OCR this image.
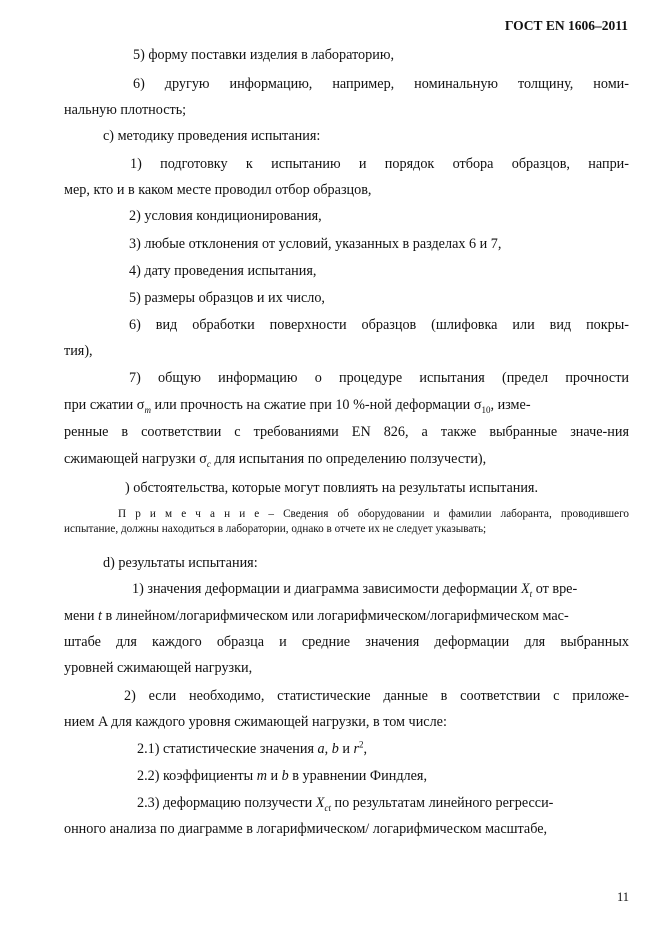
ГОСТ EN 1606–2011
5) форму поставки изделия в лабораторию,
6) другую информацию, например, номинальную толщину, номи-
нальную плотность;
c) методику проведения испытания:
1) подготовку к испытанию и порядок отбора образцов, напри-
мер, кто и в каком месте проводил отбор образцов,
2) условия кондиционирования,
3) любые отклонения от условий, указанных в разделах 6 и 7,
4) дату проведения испытания,
5) размеры образцов и их число,
6) вид обработки поверхности образцов (шлифовка или вид покры-
тия),
7) общую информацию о процедуре испытания (предел прочности
при сжатии $\sigma_m$ или прочность на сжатие при 10 %-ной деформации $\sigma_{10}$, изме-
ренные в соответствии с требованиями EN 826, а также выбранные значе-ния
сжимающей нагрузки $\sigma_c$ для испытания по определению ползучести),
) обстоятельства, которые могут повлиять на результаты испытания.
П р и м е ч а н и е – Сведения об оборудовании и фамилии лаборанта, проводившего
испытание, должны находиться в лаборатории, однако в отчете их не следует указывать;
d) результаты испытания:
1) значения деформации и диаграмма зависимости деформации $X_t$ от вре-
мени t в линейном/логарифмическом или логарифмическом/логарифмическом мас-
штабе для каждого образца и средние значения деформации для выбранных
уровней сжимающей нагрузки,
2) если необходимо, статистические данные в соответствии с приложе-
нием A для каждого уровня сжимающей нагрузки, в том числе:
2.1) статистические значения a, b и $r^2$,
2.2) коэффициенты m и b в уравнении Финдлея,
2.3) деформацию ползучести $X_{ct}$ по результатам линейного регресси-
онного анализа по диаграмме в логарифмическом/ логарифмическом масштабе,
11
